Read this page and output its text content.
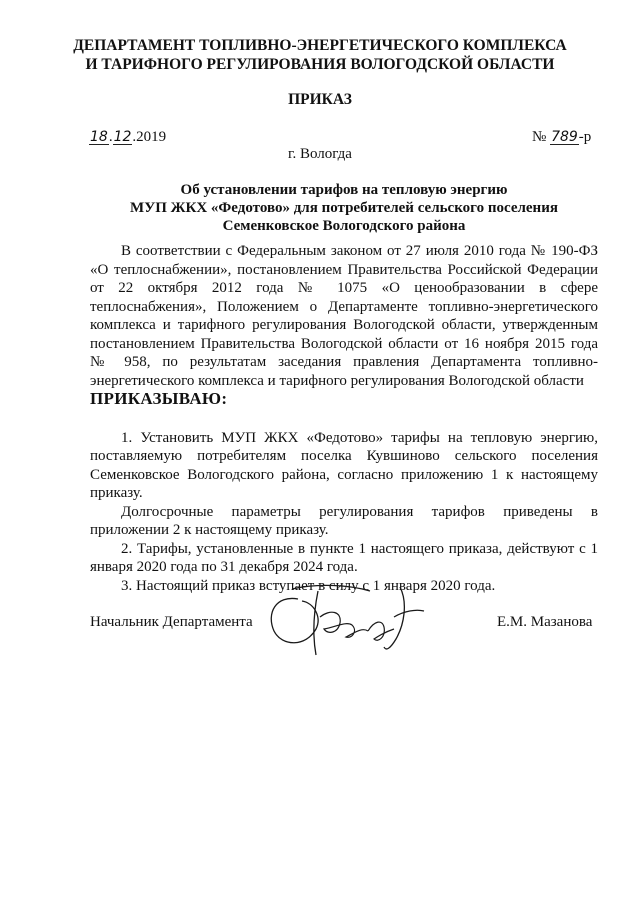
ДЕПАРТАМЕНТ ТОПЛИВНО-ЭНЕРГЕТИЧЕСКОГО КОМПЛЕКСА
И ТАРИФНОГО РЕГУЛИРОВАНИЯ ВОЛОГОДСКОЙ ОБЛАСТИ
ПРИКАЗ
18.12.2019	№ 789-р
г. Вологда
Об установлении тарифов на тепловую энергию
МУП ЖКХ «Федотово» для потребителей сельского поселения
Семенковское Вологодского района

В соответствии с Федеральным законом от 27 июля 2010 года № 190-ФЗ «О теплоснабжении», постановлением Правительства Российской Федерации от 22 октября 2012 года № 1075 «О ценообразовании в сфере теплоснабжения», Положением о Департаменте топливно-энергетического комплекса и тарифного регулирования Вологодской области, утвержденным постановлением Правительства Вологодской области от 16 ноября 2015 года № 958, по результатам заседания правления Департамента топливно-энергетического комплекса и тарифного регулирования Вологодской области

ПРИКАЗЫВАЮ:

1. Установить МУП ЖКХ «Федотово» тарифы на тепловую энергию, поставляемую потребителям поселка Кувшиново сельского поселения Семенковское Вологодского района, согласно приложению 1 к настоящему приказу.

Долгосрочные параметры регулирования тарифов приведены в приложении 2 к настоящему приказу.

2. Тарифы, установленные в пункте 1 настоящего приказа, действуют с 1 января 2020 года по 31 декабря 2024 года.

3. Настоящий приказ вступает в силу с 1 января 2020 года.

Начальник Департамента	Е.М. Мазанова
